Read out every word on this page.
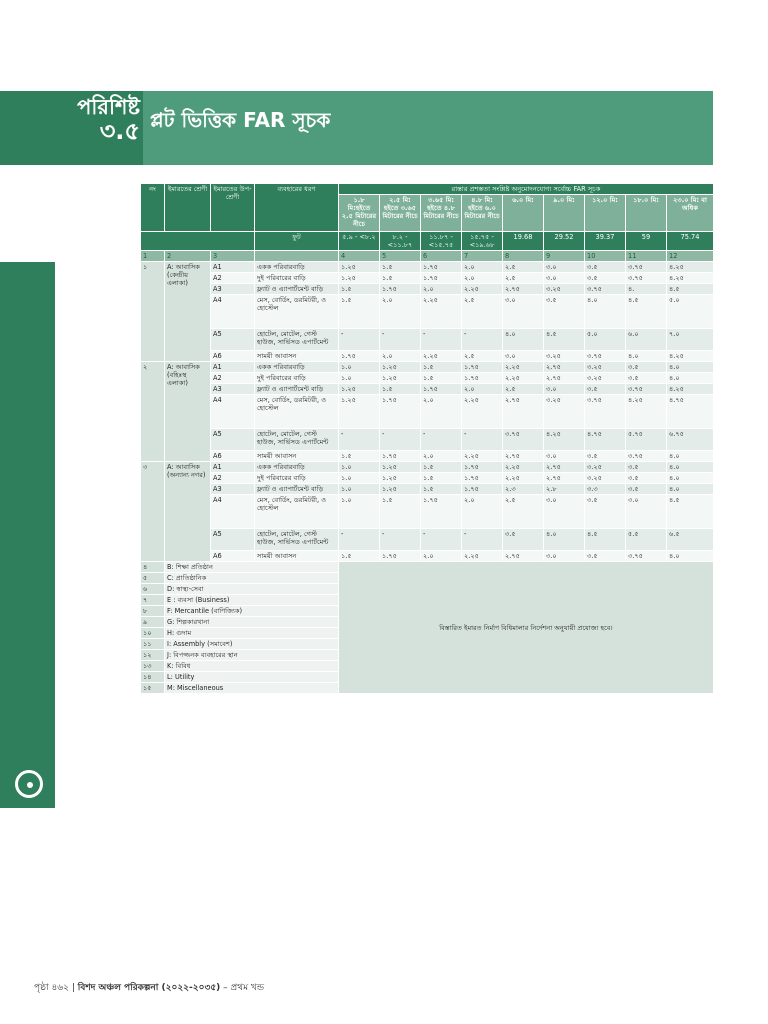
পরিশিষ্ট
৩.৫ প্লট ভিত্তিক FAR সূচক
নং	ইমারতের শ্রেণী	ইমারতের উপ-শ্রেণী	ব্যবহারের ধরণ	রাস্তার প্রশস্ততা সংশ্লিষ্ট অনুমোদনযোগ্য সর্বোচ্চ FAR সূচক								
				১.৮ মি:হইতে ২.৫ মিটারের নীচে	২.৫ মি: হইতে ৩.৬৫ মিটারের নীচে	৩.৬৫ মি: হইতে ৪.৮ মিটারের নীচে	৪.৮ মি: হইতে ৬.০ মিটারের নীচে	৬.০ মি:	৯.০ মি:	১২.০ মি:	১৮.০ মি:	২৩.০ মি: বা অধিক
			ফুট	৫.৯ - <৮.২	৮.২ - <১১.৮৭	১১.৮৭ - <১৫.৭৫	১৫.৭৫ - <১৯.৬৮	19.68	29.52	39.37	59	75.74
1	2	3		4	5	6	7	8	9	10	11	12
১	A: আবাসিক (কেন্দ্রীয় এলাকা)	A1	একক পরিবারবাড়ি	১.২৫	১.৫	১.৭৫	২.০	২.৫	৩.০	৩.৫	৩.৭৫	৪.২৫
		A2	দুই পরিবারের বাড়ি	১.২৫	১.৫	১.৭৫	২.০	২.৫	৩.০	৩.৫	৩.৭৫	৪.২৫
		A3	ফ্ল্যাট ও এ্যাপার্টমেন্ট বাড়ি	১.৫	১.৭৫	২.০	২.২৫	২.৭৫	৩.২৫	৩.৭৫	৪.	৪.৫
		A4	মেস, বোর্ডিং, ডরমিটরী, ও হোস্টেল	১.৫	২.০	২.২৫	২.৫	৩.০	৩.৫	৪.০	৪.৫	৫.০
		A5	হোটেল, মোটেল, গেস্ট হাউজ, সার্ভিসড এপার্টমেন্ট	-	-	-	-	৪.০	৪.৫	৫.০	৬.০	৭.০
		A6	সাময়ী আবাসন	১.৭৫	২.০	২.২৫	২.৫	৩.০	৩.২৫	৩.৭৫	৪.০	৪.২৫
২	A: আবাসিক (বহিঃস্থ এলাকা)	A1	একক পরিবারবাড়ি	১.০	১.২৫	১.৫	১.৭৫	২.২৫	২.৭৫	৩.২৫	৩.৫	৪.০
		A2	দুই পরিবারের বাড়ি	১.০	১.২৫	১.৫	১.৭৫	২.২৫	২.৭৫	৩.২৫	৩.৫	৪.০
		A3	ফ্ল্যাট ও এ্যাপার্টমেন্ট বাড়ি	১.২৫	১.৫	১.৭৫	২.০	২.৫	৩.০	৩.৫	৩.৭৫	৪.২৫
		A4	মেস, বোর্ডিং, ডরমিটরী, ও হোস্টেল	১.২৫	১.৭৫	২.০	২.২৫	২.৭৫	৩.২৫	৩.৭৫	৪.২৫	৪.৭৫
		A5	হোটেল, মোটেল, গেস্ট হাউজ, সার্ভিসড এপার্টমেন্ট	-	-	-	-	৩.৭৫	৪.২৫	৪.৭৫	৫.৭৫	৬.৭৫
		A6	সাময়ী আবাসন	১.৫	১.৭৫	২.০	২.২৫	২.৭৫	৩.০	৩.৫	৩.৭৫	৪.০
৩	A: আবাসিক (অন্যান্য নগর)	A1	একক পরিবারবাড়ি	১.০	১.২৫	১.৫	১.৭৫	২.২৫	২.৭৫	৩.২৫	৩.৫	৪.০
		A2	দুই পরিবারের বাড়ি	১.০	১.২৫	১.৫	১.৭৫	২.২৫	২.৭৫	৩.২৫	৩.৫	৪.০
		A3	ফ্ল্যাট ও এ্যাপার্টমেন্ট বাড়ি	১.০	১.২৫	১.৫	১.৭৫	২.৩	২.৮	৩.৩	৩.৫	৪.০
		A4	মেস, বোর্ডিং, ডরমিটরী, ও হোস্টেল	১.০	১.৫	১.৭৫	২.০	২.৫	৩.০	৩.৫	৩.০	৪.৫
		A5	হোটেল, মোটেল, গেস্ট হাউজ, সার্ভিসড এপার্টমেন্ট	-	-	-	-	৩.৫	৪.০	৪.৫	৫.৫	৬.৫
		A6	সাময়ী আবাসন	১.৫	১.৭৫	২.০	২.২৫	২.৭৫	৩.০	৩.৫	৩.৭৫	৪.০
৪	B: শিক্ষা প্রতিষ্ঠান			বিস্তারিত ইমারত নির্মাণ বিধিমালার নির্দেশনা অনুযায়ী প্রযোজ্য হবে।								
৫	C: প্রাতিষ্ঠানিক											
৬	D: স্বাস্থ্য-সেবা											
৭	E : ব্যবসা (Business)											
৮	F: Mercantile (বাণিজ্যিক)											
৯	G: শিল্পকারখানা											
১০	H: গুদাম											
১১	I: Assembly (সমাবেশ)											
১২	J: বিপজ্জনক ব্যবহারের স্থান											
১৩	K: বিবিধ											
১৪	L: Utility											
১৫	M: Miscellaneous											
পৃষ্ঠা ৪৬২ | বিশদ অঞ্চল পরিকল্পনা (২০২২-২০৩৫) – প্রথম খন্ড
